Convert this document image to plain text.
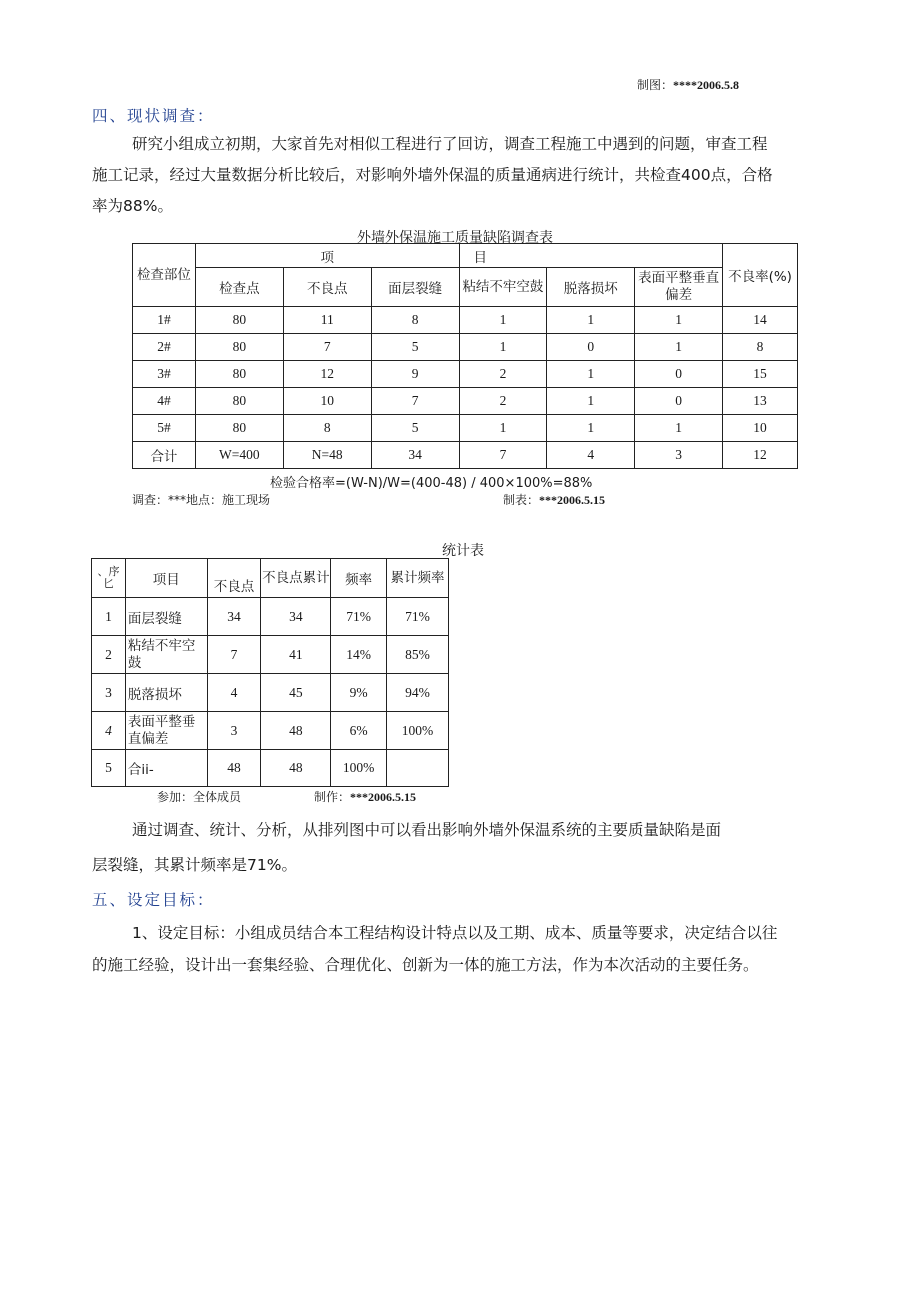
制图：****2006.5.8
四、现状调查：
研究小组成立初期，大家首先对相似工程进行了回访，调查工程施工中遇到的问题，审查工程
施工记录，经过大量数据分析比较后，对影响外墙外保温的质量通病进行统计，共检查400点，合格
率为88%。
外墙外保温施工质量缺陷调查表
检查部位	项			目			不良率(%)
	检查点	不良点	面层裂缝	粘结不牢空鼓	脱落损坏	表面平整垂直偏差	
1#	80	11	8	1	1	1	14
2#	80	7	5	1	0	1	8
3#	80	12	9	2	1	0	15
4#	80	10	7	2	1	0	13
5#	80	8	5	1	1	1	10
合计	W=400	N=48	34	7	4	3	12
检验合格率=(W-N)/W=(400-48) / 400×100%=88%
调查：***地点：施工现场	制表：***2006.5.15
统计表
、序匕	项目	不良点	不良点累计	频率	累计频率
1	面层裂缝	34	34	71%	71%
2	粘结不牢空鼓	7	41	14%	85%
3	脱落损坏	4	45	9%	94%
4	表面平整垂直偏差	3	48	6%	100%
5	合ii-	48	48	100%	
参加：全体成员	制作：***2006.5.15
通过调查、统计、分析，从排列图中可以看出影响外墙外保温系统的主要质量缺陷是面
层裂缝，其累计频率是71%。
五、设定目标：
1、设定目标：小组成员结合本工程结构设计特点以及工期、成本、质量等要求，决定结合以往
的施工经验，设计出一套集经验、合理优化、创新为一体的施工方法，作为本次活动的主要任务。
